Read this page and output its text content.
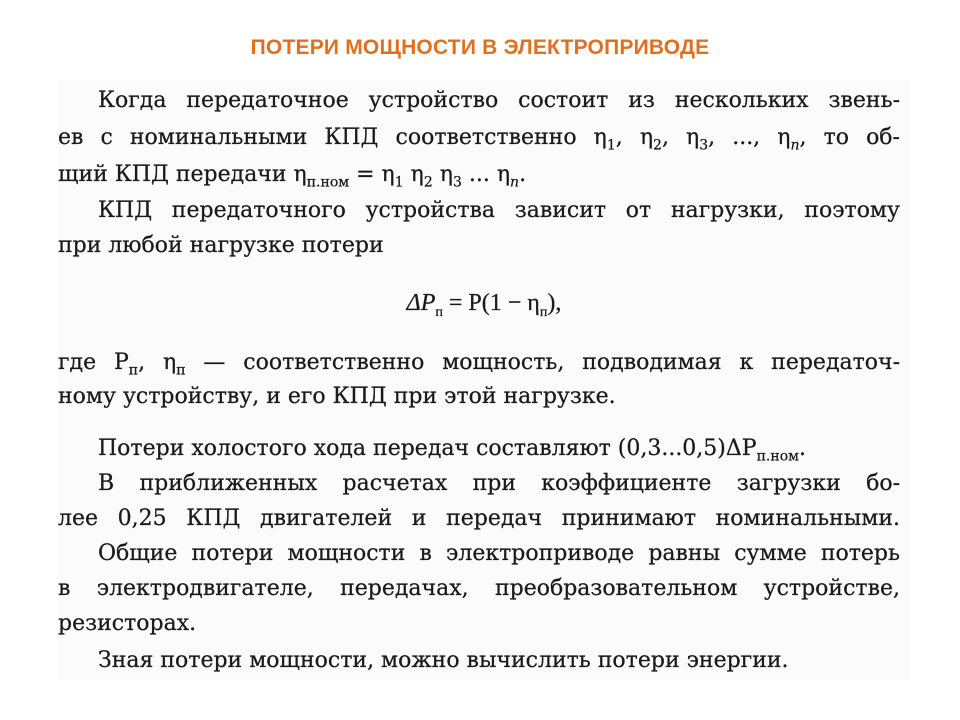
ПОТЕРИ МОЩНОСТИ В ЭЛЕКТРОПРИВОДЕ
Когда передаточное устройство состоит из нескольких звень-
ев с номинальными КПД соответственно $\eta_1$, $\eta_2$, $\eta_3$, ..., $\eta_n$, то об-
щий КПД передачи $\eta_{п.ном} = \eta_1$ $\eta_2$ $\eta_3$ ... $\eta_n$.
КПД передаточного устройства зависит от нагрузки, поэтому
при любой нагрузке потери
$\Delta P_п = P(1 - \eta_п)$,
где $P_п$, $\eta_п$ — соответственно мощность, подводимая к передаточ-
ному устройству, и его КПД при этой нагрузке.
Потери холостого хода передач составляют $(0,3...0,5)\Delta P_{п.ном}$.
В приближенных расчетах при коэффициенте загрузки бо-
лее 0,25 КПД двигателей и передач принимают номинальными.
Общие потери мощности в электроприводе равны сумме потерь
в электродвигателе, передачах, преобразовательном устройстве,
резисторах.
Зная потери мощности, можно вычислить потери энергии.
